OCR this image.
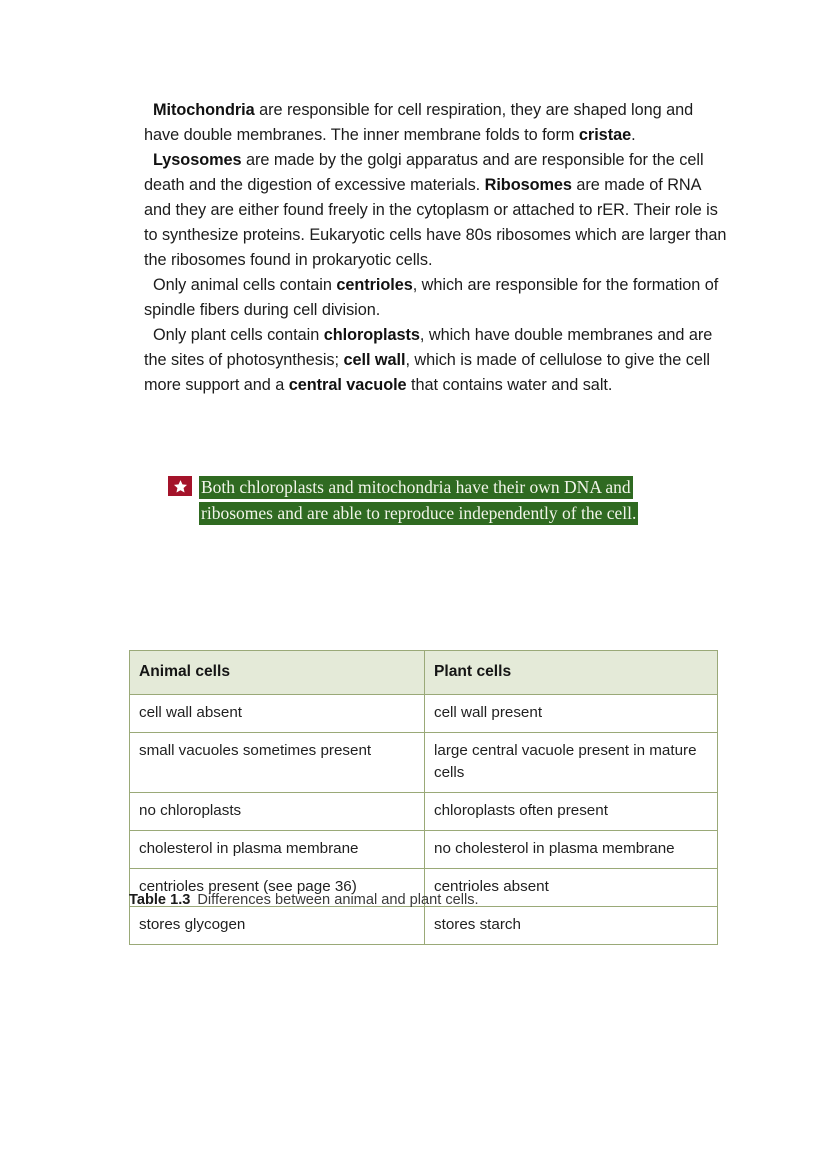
Mitochondria are responsible for cell respiration, they are shaped long and have double membranes. The inner membrane folds to form cristae.

Lysosomes are made by the golgi apparatus and are responsible for the cell death and the digestion of excessive materials. Ribosomes are made of RNA and they are either found freely in the cytoplasm or attached to rER. Their role is to synthesize proteins. Eukaryotic cells have 80s ribosomes which are larger than the ribosomes found in prokaryotic cells.

Only animal cells contain centrioles, which are responsible for the formation of spindle fibers during cell division.

Only plant cells contain chloroplasts, which have double membranes and are the sites of photosynthesis; cell wall, which is made of cellulose to give the cell more support and a central vacuole that contains water and salt.

Both chloroplasts and mitochondria have their own DNA and
ribosomes and are able to reproduce independently of the cell.
Animal cells	Plant cells
cell wall absent	cell wall present
small vacuoles sometimes present	large central vacuole present in mature cells
no chloroplasts	chloroplasts often present
cholesterol in plasma membrane	no cholesterol in plasma membrane
centrioles present (see page 36)	centrioles absent
stores glycogen	stores starch
Table 1.3 Differences between animal and plant cells.
